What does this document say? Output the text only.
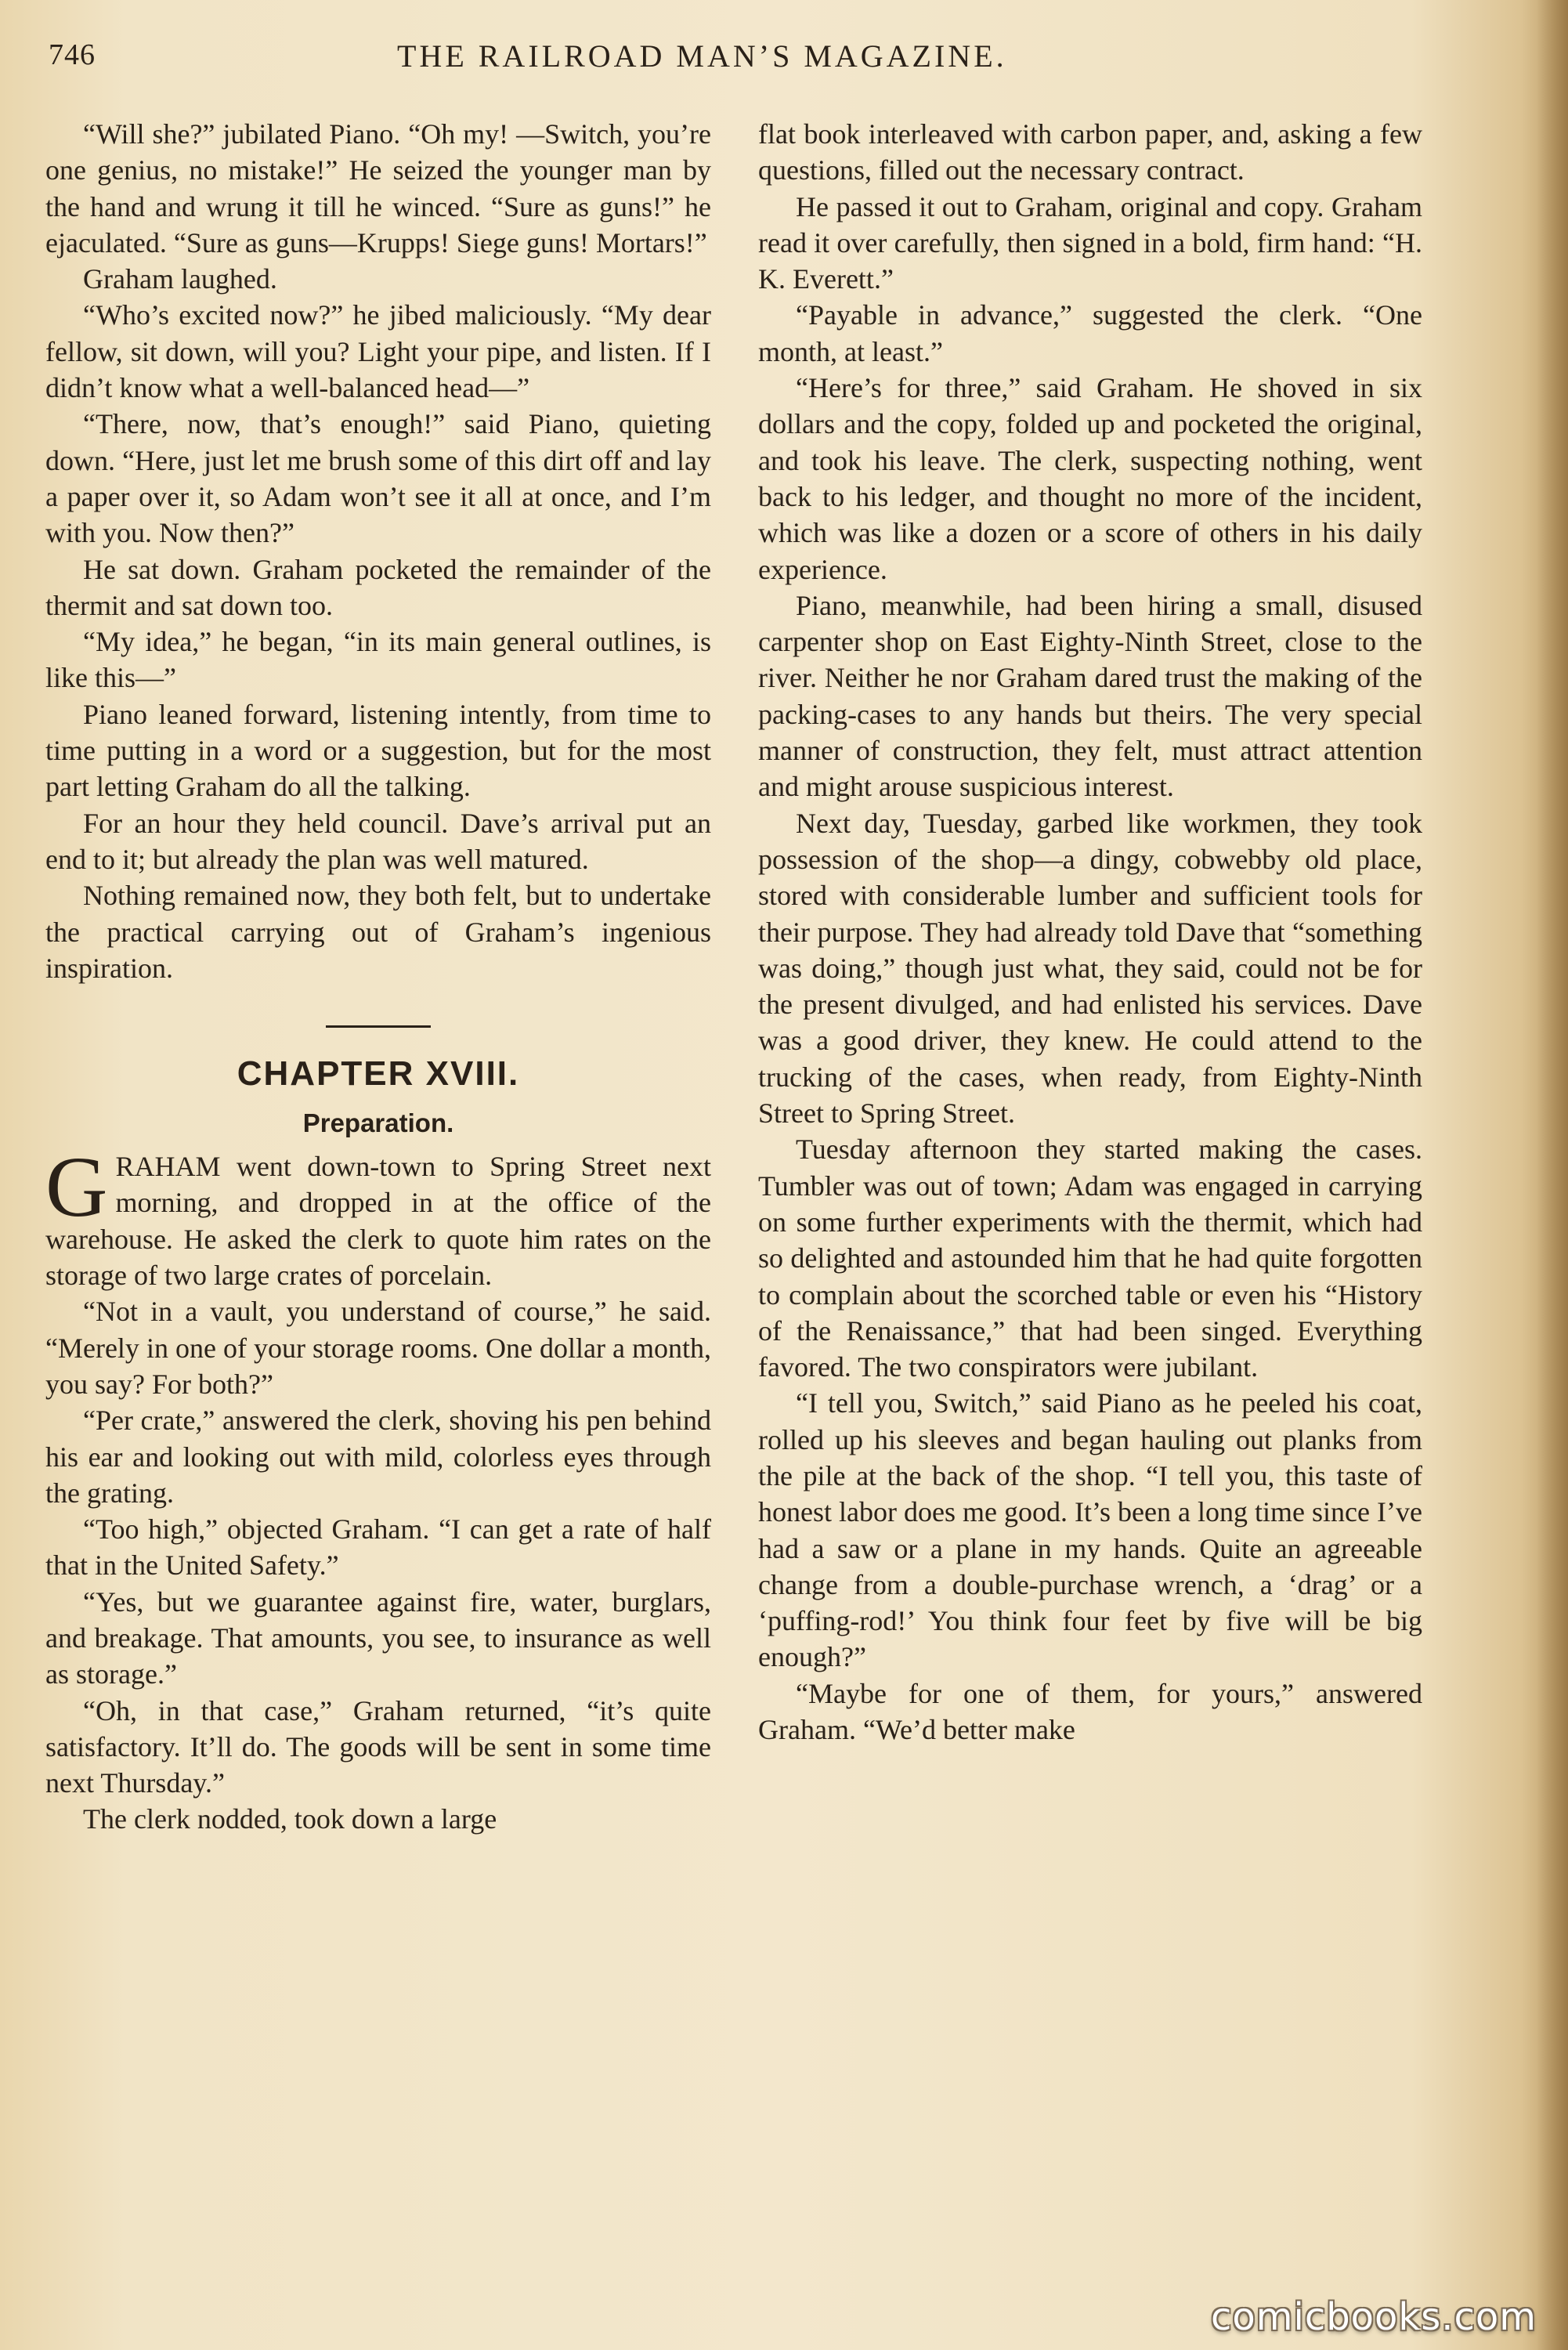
746	THE RAILROAD MAN’S MAGAZINE.

“Will she?” jubilated Piano. “Oh my! —Switch, you’re one genius, no mistake!” He seized the younger man by the hand and wrung it till he winced. “Sure as guns!” he ejaculated. “Sure as guns—Krupps! Siege guns! Mortars!”

Graham laughed.

“Who’s excited now?” he jibed maliciously. “My dear fellow, sit down, will you? Light your pipe, and listen. If I didn’t know what a well-balanced head—”

“There, now, that’s enough!” said Piano, quieting down. “Here, just let me brush some of this dirt off and lay a paper over it, so Adam won’t see it all at once, and I’m with you. Now then?”

He sat down. Graham pocketed the remainder of the thermit and sat down too.

“My idea,” he began, “in its main general outlines, is like this—”

Piano leaned forward, listening intently, from time to time putting in a word or a suggestion, but for the most part letting Graham do all the talking.

For an hour they held council. Dave’s arrival put an end to it; but already the plan was well matured.

Nothing remained now, they both felt, but to undertake the practical carrying out of Graham’s ingenious inspiration.

CHAPTER XVIII.
Preparation.

GRAHAM went down-town to Spring Street next morning, and dropped in at the office of the warehouse. He asked the clerk to quote him rates on the storage of two large crates of porcelain.

“Not in a vault, you understand of course,” he said. “Merely in one of your storage rooms. One dollar a month, you say? For both?”

“Per crate,” answered the clerk, shoving his pen behind his ear and looking out with mild, colorless eyes through the grating.

“Too high,” objected Graham. “I can get a rate of half that in the United Safety.”

“Yes, but we guarantee against fire, water, burglars, and breakage. That amounts, you see, to insurance as well as storage.”

“Oh, in that case,” Graham returned, “it’s quite satisfactory. It’ll do. The goods will be sent in some time next Thursday.”

The clerk nodded, took down a large

flat book interleaved with carbon paper, and, asking a few questions, filled out the necessary contract.

He passed it out to Graham, original and copy. Graham read it over carefully, then signed in a bold, firm hand: “H. K. Everett.”

“Payable in advance,” suggested the clerk. “One month, at least.”

“Here’s for three,” said Graham. He shoved in six dollars and the copy, folded up and pocketed the original, and took his leave. The clerk, suspecting nothing, went back to his ledger, and thought no more of the incident, which was like a dozen or a score of others in his daily experience.

Piano, meanwhile, had been hiring a small, disused carpenter shop on East Eighty-Ninth Street, close to the river. Neither he nor Graham dared trust the making of the packing-cases to any hands but theirs. The very special manner of construction, they felt, must attract attention and might arouse suspicious interest.

Next day, Tuesday, garbed like workmen, they took possession of the shop—a dingy, cobwebby old place, stored with considerable lumber and sufficient tools for their purpose. They had already told Dave that “something was doing,” though just what, they said, could not be for the present divulged, and had enlisted his services. Dave was a good driver, they knew. He could attend to the trucking of the cases, when ready, from Eighty-Ninth Street to Spring Street.

Tuesday afternoon they started making the cases. Tumbler was out of town; Adam was engaged in carrying on some further experiments with the thermit, which had so delighted and astounded him that he had quite forgotten to complain about the scorched table or even his “History of the Renaissance,” that had been singed. Everything favored. The two conspirators were jubilant.

“I tell you, Switch,” said Piano as he peeled his coat, rolled up his sleeves and began hauling out planks from the pile at the back of the shop. “I tell you, this taste of honest labor does me good. It’s been a long time since I’ve had a saw or a plane in my hands. Quite an agreeable change from a double-purchase wrench, a ‘drag’ or a ‘puffing-rod!’ You think four feet by five will be big enough?”

“Maybe for one of them, for yours,” answered Graham. “We’d better make

comicbooks.com
